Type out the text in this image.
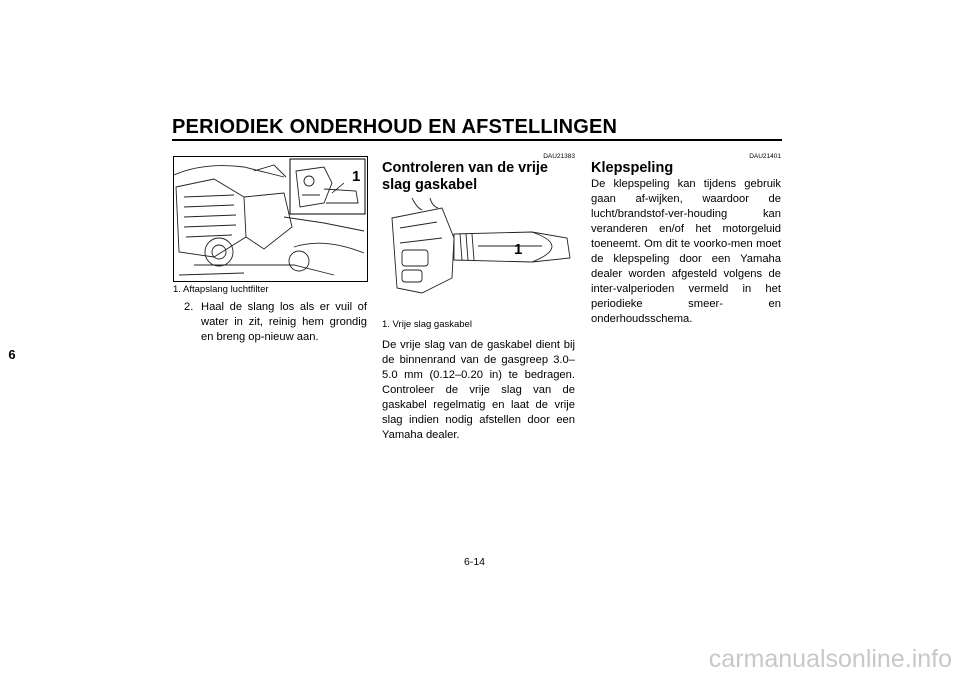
PERIODIEK ONDERHOUD EN AFSTELLINGEN
6
1
1. Aftapslang luchtfilter
2. Haal de slang los als er vuil of water in zit, reinig hem grondig en breng op-nieuw aan.
DAU21383
Controleren van de vrije slag gaskabel
1
1. Vrije slag gaskabel
De vrije slag van de gaskabel dient bij de binnenrand van de gasgreep 3.0–5.0 mm (0.12–0.20 in) te bedragen. Controleer de vrije slag van de gaskabel regelmatig en laat de vrije slag indien nodig afstellen door een Yamaha dealer.
DAU21401
Klepspeling
De klepspeling kan tijdens gebruik gaan af-wijken, waardoor de lucht/brandstof-ver-houding kan veranderen en/of het motorgeluid toeneemt. Om dit te voorko-men moet de klepspeling door een Yamaha dealer worden afgesteld volgens de inter-valperioden vermeld in het periodieke smeer- en onderhoudsschema.
6-14
carmanualsonline.info
